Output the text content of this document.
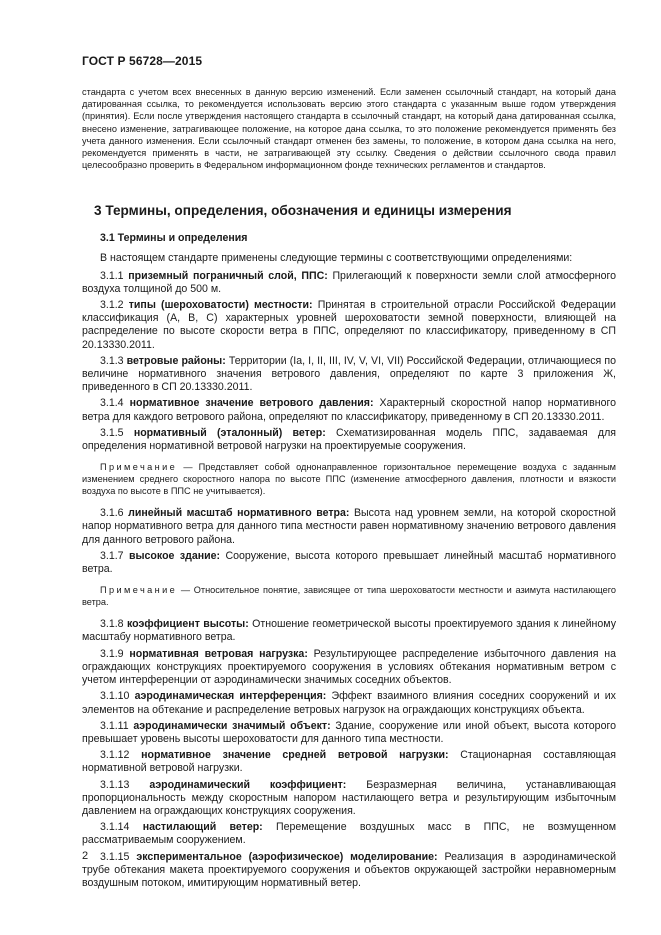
ГОСТ Р 56728—2015

стандарта с учетом всех внесенных в данную версию изменений. Если заменен ссылочный стандарт, на который дана датированная ссылка, то рекомендуется использовать версию этого стандарта с указанным выше годом утверждения (принятия). Если после утверждения настоящего стандарта в ссылочный стандарт, на который дана датированная ссылка, внесено изменение, затрагивающее положение, на которое дана ссылка, то это положение рекомендуется применять без учета данного изменения. Если ссылочный стандарт отменен без замены, то положение, в котором дана ссылка на него, рекомендуется применять в части, не затрагивающей эту ссылку. Сведения о действии ссылочного свода правил целесообразно проверить в Федеральном информационном фонде технических регламентов и стандартов.

3 Термины, определения, обозначения и единицы измерения
3.1 Термины и определения

В настоящем стандарте применены следующие термины с соответствующими определениями:

3.1.1 приземный пограничный слой, ППС: Прилегающий к поверхности земли слой атмосферного воздуха толщиной до 500 м.

3.1.2 типы (шероховатости) местности: Принятая в строительной отрасли Российской Федерации классификация (А, В, С) характерных уровней шероховатости земной поверхности, влияющей на распределение по высоте скорости ветра в ППС, определяют по классификатору, приведенному в СП 20.13330.2011.

3.1.3 ветровые районы: Территории (Ia, I, II, III, IV, V, VI, VII) Российской Федерации, отличающиеся по величине нормативного значения ветрового давления, определяют по карте 3 приложения Ж, приведенного в СП 20.13330.2011.

3.1.4 нормативное значение ветрового давления: Характерный скоростной напор нормативного ветра для каждого ветрового района, определяют по классификатору, приведенному в СП 20.13330.2011.

3.1.5 нормативный (эталонный) ветер: Схематизированная модель ППС, задаваемая для определения нормативной ветровой нагрузки на проектируемые сооружения.

Примечание — Представляет собой однонаправленное горизонтальное перемещение воздуха с заданным изменением среднего скоростного напора по высоте ППС (изменение атмосферного давления, плотности и вязкости воздуха по высоте в ППС не учитывается).

3.1.6 линейный масштаб нормативного ветра: Высота над уровнем земли, на которой скоростной напор нормативного ветра для данного типа местности равен нормативному значению ветрового давления для данного ветрового района.

3.1.7 высокое здание: Сооружение, высота которого превышает линейный масштаб нормативного ветра.

Примечание — Относительное понятие, зависящее от типа шероховатости местности и азимута настилающего ветра.

3.1.8 коэффициент высоты: Отношение геометрической высоты проектируемого здания к линейному масштабу нормативного ветра.

3.1.9 нормативная ветровая нагрузка: Результирующее распределение избыточного давления на ограждающих конструкциях проектируемого сооружения в условиях обтекания нормативным ветром с учетом интерференции от аэродинамически значимых соседних объектов.

3.1.10 аэродинамическая интерференция: Эффект взаимного влияния соседних сооружений и их элементов на обтекание и распределение ветровых нагрузок на ограждающих конструкциях объекта.

3.1.11 аэродинамически значимый объект: Здание, сооружение или иной объект, высота которого превышает уровень высоты шероховатости для данного типа местности.

3.1.12 нормативное значение средней ветровой нагрузки: Стационарная составляющая нормативной ветровой нагрузки.

3.1.13 аэродинамический коэффициент: Безразмерная величина, устанавливающая пропорциональность между скоростным напором настилающего ветра и результирующим избыточным давлением на ограждающих конструкциях сооружения.

3.1.14 настилающий ветер: Перемещение воздушных масс в ППС, не возмущенном рассматриваемым сооружением.

3.1.15 экспериментальное (аэрофизическое) моделирование: Реализация в аэродинамической трубе обтекания макета проектируемого сооружения и объектов окружающей застройки неравномерным воздушным потоком, имитирующим нормативный ветер.

2
